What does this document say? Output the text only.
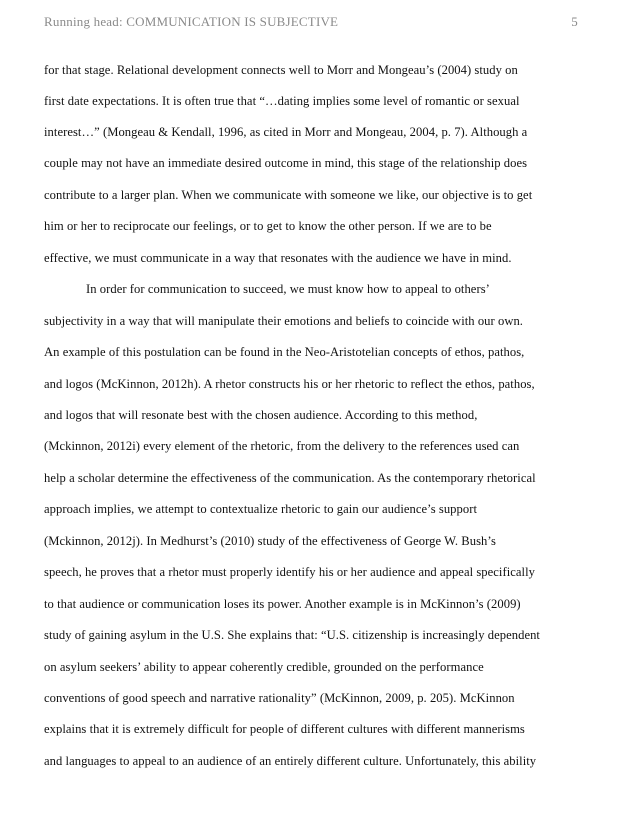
Running head: COMMUNICATION IS SUBJECTIVE	5
for that stage. Relational development connects well to Morr and Mongeau’s (2004) study on
first date expectations. It is often true that “…dating implies some level of romantic or sexual
interest…” (Mongeau & Kendall, 1996, as cited in Morr and Mongeau, 2004, p. 7). Although a
couple may not have an immediate desired outcome in mind, this stage of the relationship does
contribute to a larger plan. When we communicate with someone we like, our objective is to get
him or her to reciprocate our feelings, or to get to know the other person. If we are to be
effective, we must communicate in a way that resonates with the audience we have in mind.
In order for communication to succeed, we must know how to appeal to others’
subjectivity in a way that will manipulate their emotions and beliefs to coincide with our own.
An example of this postulation can be found in the Neo-Aristotelian concepts of ethos, pathos,
and logos (McKinnon, 2012h). A rhetor constructs his or her rhetoric to reflect the ethos, pathos,
and logos that will resonate best with the chosen audience. According to this method,
(Mckinnon, 2012i) every element of the rhetoric, from the delivery to the references used can
help a scholar determine the effectiveness of the communication. As the contemporary rhetorical
approach implies, we attempt to contextualize rhetoric to gain our audience’s support
(Mckinnon, 2012j). In Medhurst’s (2010) study of the effectiveness of George W. Bush’s
speech, he proves that a rhetor must properly identify his or her audience and appeal specifically
to that audience or communication loses its power. Another example is in McKinnon’s (2009)
study of gaining asylum in the U.S. She explains that: “U.S. citizenship is increasingly dependent
on asylum seekers’ ability to appear coherently credible, grounded on the performance
conventions of good speech and narrative rationality” (McKinnon, 2009, p. 205). McKinnon
explains that it is extremely difficult for people of different cultures with different mannerisms
and languages to appeal to an audience of an entirely different culture. Unfortunately, this ability
